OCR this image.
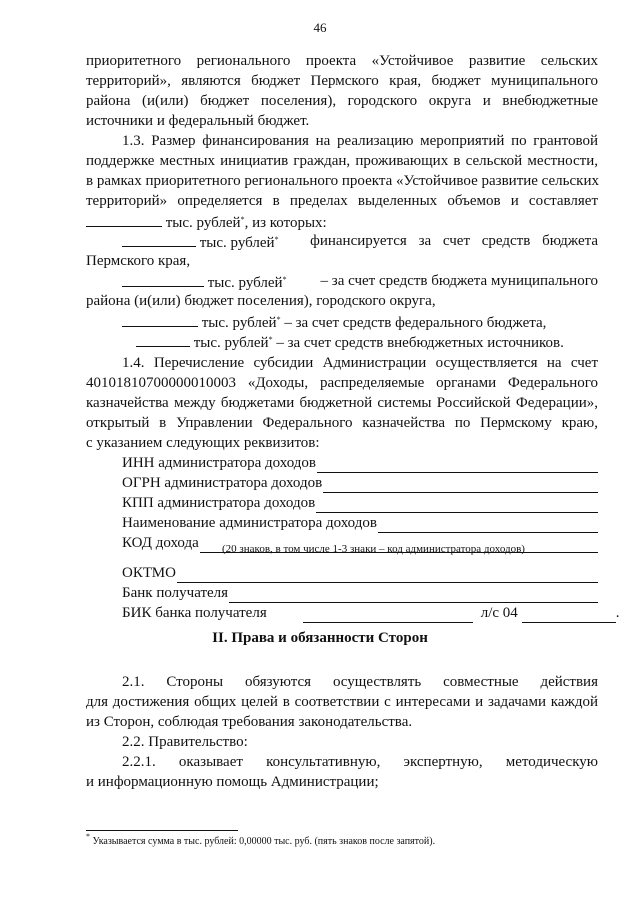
46
приоритетного регионального проекта «Устойчивое развитие сельских
территорий», являются бюджет Пермского края, бюджет муниципального
района (и(или) бюджет поселения), городского округа и внебюджетные
источники и федеральный бюджет.
1.3. Размер финансирования на реализацию мероприятий по грантовой
поддержке местных инициатив граждан, проживающих в сельской местности,
в рамках приоритетного регионального проекта «Устойчивое развитие сельских
территорий» определяется в пределах выделенных объемов и составляет
тыс. рублей*, из которых:
тыс. рублей* финансируется за счет средств бюджета
Пермского края,
тыс. рублей* – за счет средств бюджета муниципального
района (и(или) бюджет поселения), городского округа,
тыс. рублей* – за счет средств федерального бюджета,
тыс. рублей* – за счет средств внебюджетных источников.
1.4. Перечисление субсидии Администрации осуществляется на счет
40101810700000010003 «Доходы, распределяемые органами Федерального
казначейства между бюджетами бюджетной системы Российской Федерации»,
открытый в Управлении Федерального казначейства по Пермскому краю,
с указанием следующих реквизитов:
ИНН администратора доходов
ОГРН администратора доходов
КПП администратора доходов
Наименование администратора доходов
КОД дохода (20 знаков, в том числе 1-3 знаки – код администратора доходов)
ОКТМО
Банк получателя
БИК банка получателя	л/с 04	.
II. Права и обязанности Сторон
2.1. Стороны обязуются осуществлять совместные действия
для достижения общих целей в соответствии с интересами и задачами каждой
из Сторон, соблюдая требования законодательства.
2.2. Правительство:
2.2.1. оказывает консультативную, экспертную, методическую
и информационную помощь Администрации;
* Указывается сумма в тыс. рублей: 0,00000 тыс. руб. (пять знаков после запятой).
